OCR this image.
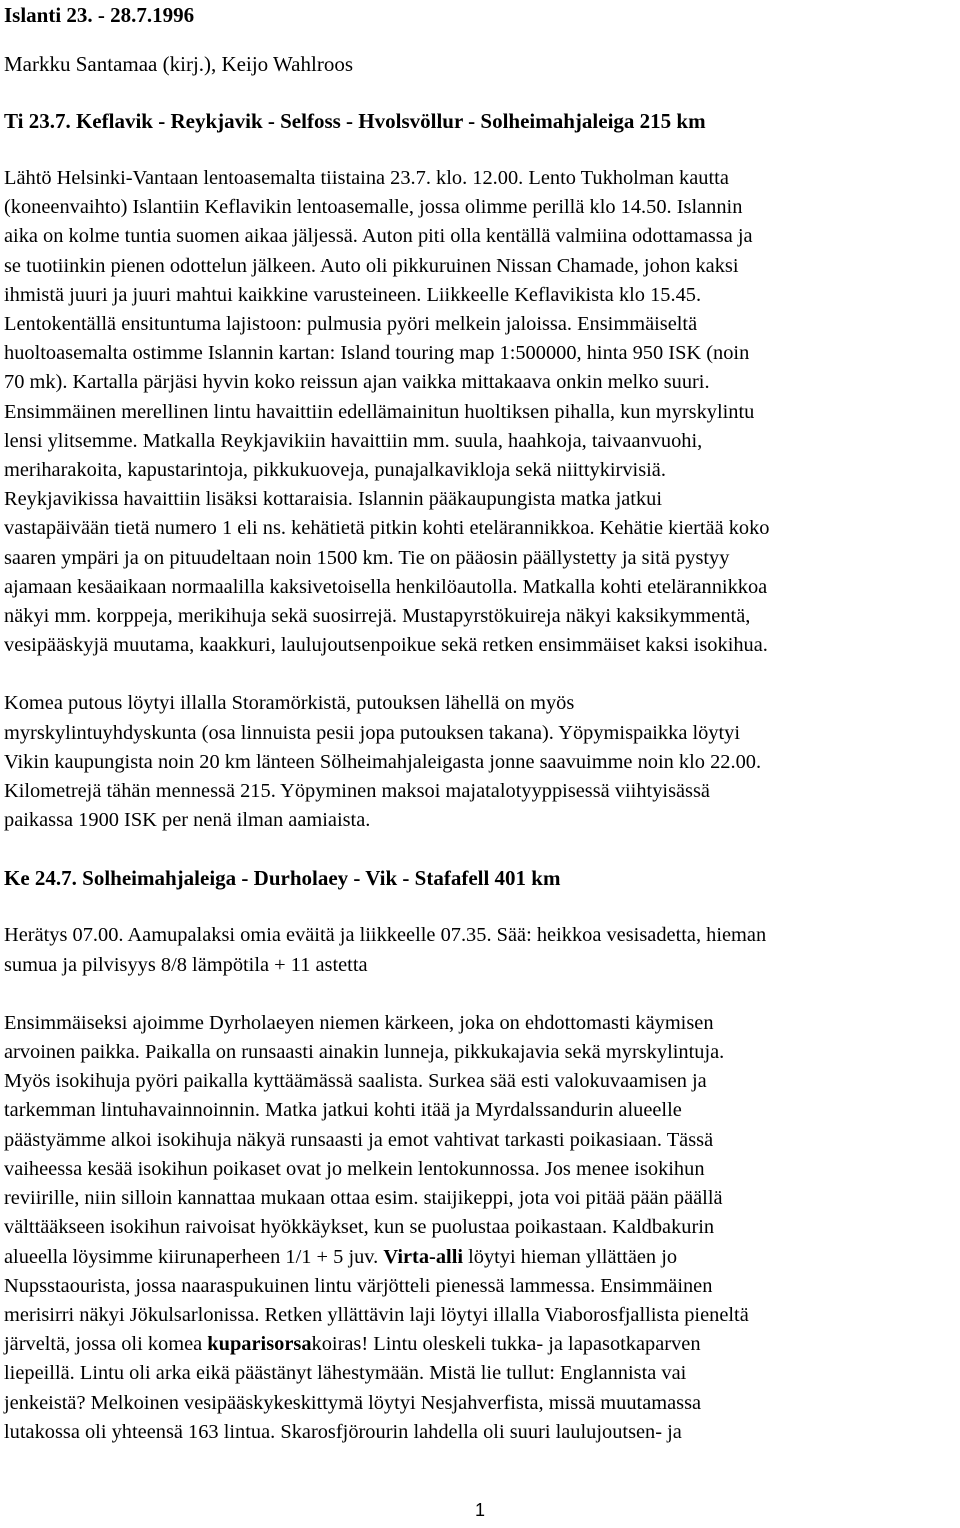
Islanti 23. - 28.7.1996
Markku Santamaa (kirj.), Keijo Wahlroos
Ti 23.7. Keflavik - Reykjavik - Selfoss - Hvolsvöllur - Solheimahjaleiga 215 km
Lähtö Helsinki-Vantaan lentoasemalta tiistaina 23.7. klo. 12.00. Lento Tukholman kautta
(koneenvaihto) Islantiin Keflavikin lentoasemalle, jossa olimme perillä klo 14.50. Islannin
aika on kolme tuntia suomen aikaa jäljessä. Auton piti olla kentällä valmiina odottamassa ja
se tuotiinkin pienen odottelun jälkeen. Auto oli pikkuruinen Nissan Chamade, johon kaksi
ihmistä juuri ja juuri mahtui kaikkine varusteineen. Liikkeelle Keflavikista klo 15.45.
Lentokentällä ensituntuma lajistoon: pulmusia pyöri melkein jaloissa. Ensimmäiseltä
huoltoasemalta ostimme Islannin kartan: Island touring map 1:500000, hinta 950 ISK (noin
70 mk). Kartalla pärjäsi hyvin koko reissun ajan vaikka mittakaava onkin melko suuri.
Ensimmäinen merellinen lintu havaittiin edellämainitun huoltiksen pihalla, kun myrskylintu
lensi ylitsemme. Matkalla Reykjavikiin havaittiin mm. suula, haahkoja, taivaanvuohi,
meriharakoita, kapustarintoja, pikkukuoveja, punajalkavikloja sekä niittykirvisiä.
Reykjavikissa havaittiin lisäksi kottaraisia. Islannin pääkaupungista matka jatkui
vastapäivään tietä numero 1 eli ns. kehätietä pitkin kohti etelärannikkoa. Kehätie kiertää koko
saaren ympäri ja on pituudeltaan noin 1500 km. Tie on pääosin päällystetty ja sitä pystyy
ajamaan kesäaikaan normaalilla kaksivetoisella henkilöautolla. Matkalla kohti etelärannikkoa
näkyi mm. korppeja, merikihuja sekä suosirrejä. Mustapyrstökuireja näkyi kaksikymmentä,
vesipääskyjä muutama, kaakkuri, laulujoutsenpoikue sekä retken ensimmäiset kaksi isokihua.
Komea putous löytyi illalla Storamörkistä, putouksen lähellä on myös
myrskylintuyhdyskunta (osa linnuista pesii jopa putouksen takana). Yöpymispaikka löytyi
Vikin kaupungista noin 20 km länteen Sölheimahjaleigasta jonne saavuimme noin klo 22.00.
Kilometrejä tähän mennessä 215. Yöpyminen maksoi majatalotyyppisessä viihtyisässä
paikassa 1900 ISK per nenä ilman aamiaista.
Ke 24.7. Solheimahjaleiga - Durholaey - Vik - Stafafell 401 km
Herätys 07.00. Aamupalaksi omia eväitä ja liikkeelle 07.35. Sää: heikkoa vesisadetta, hieman
sumua ja pilvisyys 8/8 lämpötila + 11 astetta
Ensimmäiseksi ajoimme Dyrholaeyen niemen kärkeen, joka on ehdottomasti käymisen
arvoinen paikka. Paikalla on runsaasti ainakin lunneja, pikkukajavia sekä myrskylintuja.
Myös isokihuja pyöri paikalla kyttäämässä saalista. Surkea sää esti valokuvaamisen ja
tarkemman lintuhavainnoinnin. Matka jatkui kohti itää ja Myrdalssandurin alueelle
päästyämme alkoi isokihuja näkyä runsaasti ja emot vahtivat tarkasti poikasiaan. Tässä
vaiheessa kesää isokihun poikaset ovat jo melkein lentokunnossa. Jos menee isokihun
reviirille, niin silloin kannattaa mukaan ottaa esim. staijikeppi, jota voi pitää pään päällä
välttääkseen isokihun raivoisat hyökkäykset, kun se puolustaa poikastaan. Kaldbakurin
alueella löysimme kiirunaperheen 1/1 + 5 juv. Virta-alli löytyi hieman yllättäen jo
Nupsstaourista, jossa naaraspukuinen lintu värjötteli pienessä lammessa. Ensimmäinen
merisirri näkyi Jökulsarlonissa. Retken yllättävin laji löytyi illalla Viaborosfjallista pieneltä
järveltä, jossa oli komea kuparisorsakoiras! Lintu oleskeli tukka- ja lapasotkaparven
liepeillä. Lintu oli arka eikä päästänyt lähestymään. Mistä lie tullut: Englannista vai
jenkeistä? Melkoinen vesipääskykeskittymä löytyi Nesjahverfista, missä muutamassa
lutakossa oli yhteensä 163 lintua. Skarosfjörourin lahdella oli suuri laulujoutsen- ja
1
